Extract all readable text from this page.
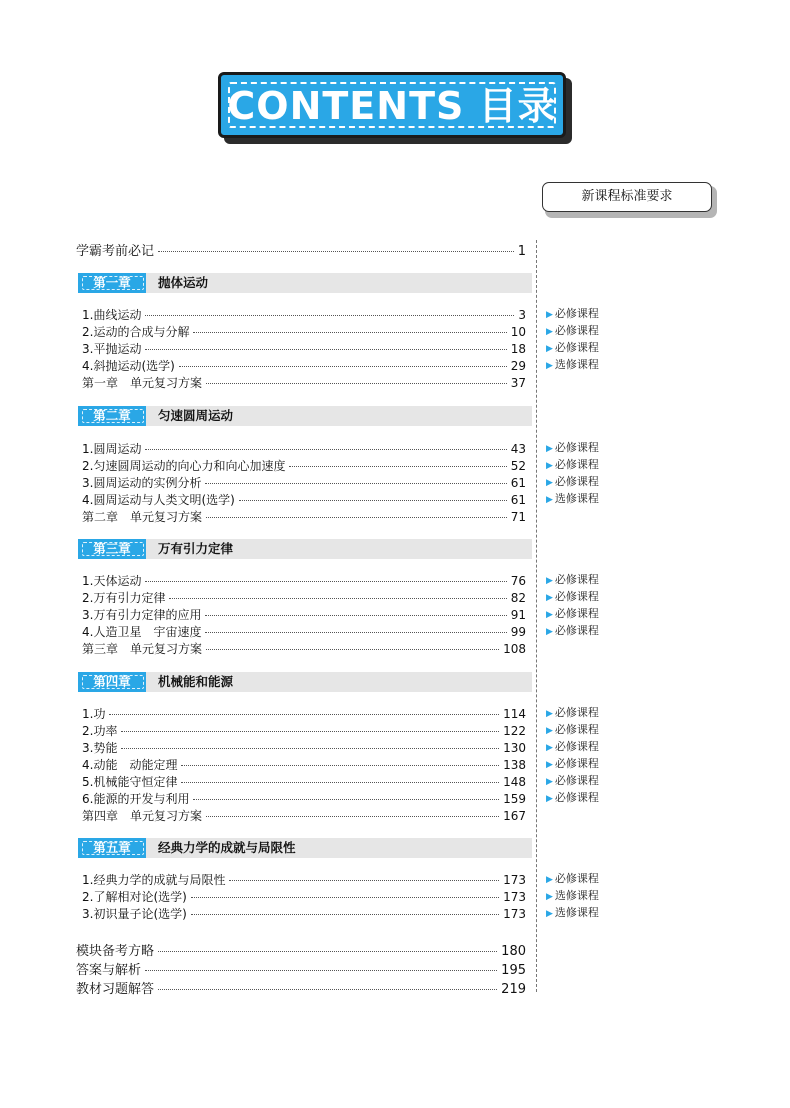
CONTENTS 目录
新课程标准要求
学霸考前必记	1
第一章	抛体运动
1.曲线运动	3 ▶ 必修课程
2.运动的合成与分解	10 ▶ 必修课程
3.平抛运动	18 ▶ 必修课程
4.斜抛运动(选学)	29 ▶ 选修课程
第一章　单元复习方案	37
第二章	匀速圆周运动
1.圆周运动	43 ▶ 必修课程
2.匀速圆周运动的向心力和向心加速度	52 ▶ 必修课程
3.圆周运动的实例分析	61 ▶ 必修课程
4.圆周运动与人类文明(选学)	61 ▶ 选修课程
第二章　单元复习方案	71
第三章	万有引力定律
1.天体运动	76 ▶ 必修课程
2.万有引力定律	82 ▶ 必修课程
3.万有引力定律的应用	91 ▶ 必修课程
4.人造卫星　宇宙速度	99 ▶ 必修课程
第三章　单元复习方案	108
第四章	机械能和能源
1.功	114 ▶ 必修课程
2.功率	122 ▶ 必修课程
3.势能	130 ▶ 必修课程
4.动能　动能定理	138 ▶ 必修课程
5.机械能守恒定律	148 ▶ 必修课程
6.能源的开发与利用	159 ▶ 必修课程
第四章　单元复习方案	167
第五章	经典力学的成就与局限性
1.经典力学的成就与局限性	173 ▶ 必修课程
2.了解相对论(选学)	173 ▶ 选修课程
3.初识量子论(选学)	173 ▶ 选修课程
模块备考方略	180
答案与解析	195
教材习题解答	219
